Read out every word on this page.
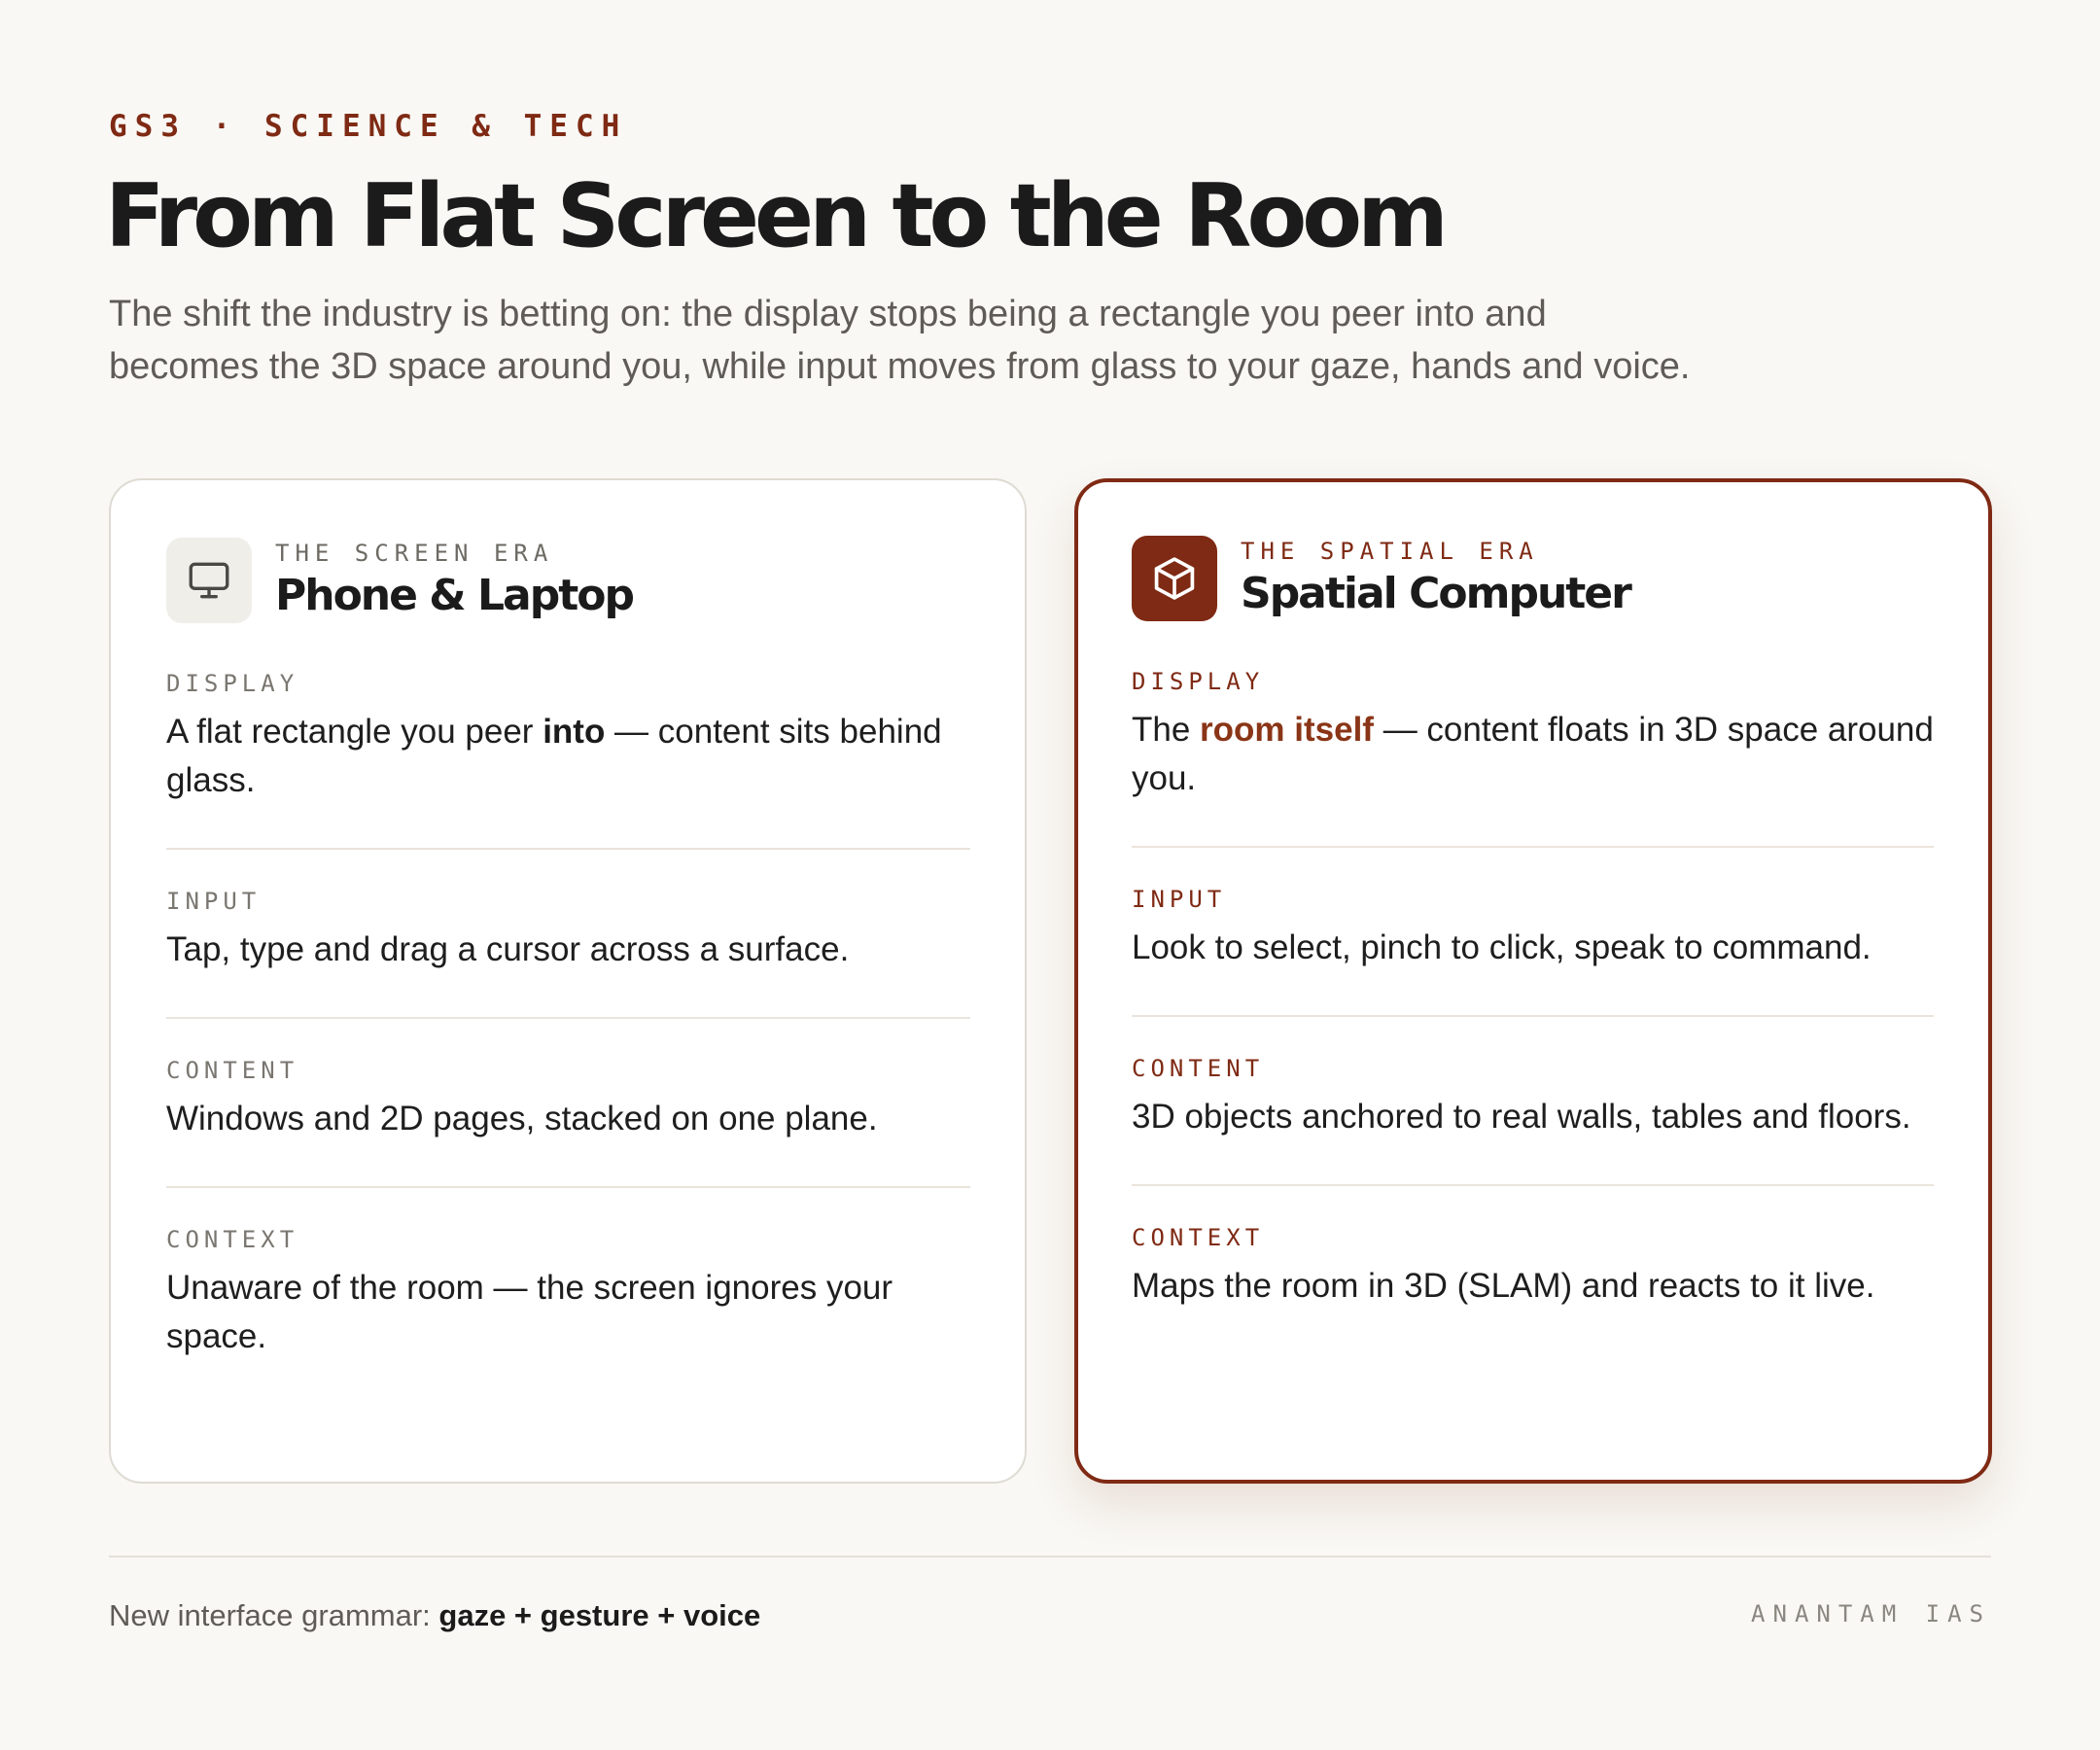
GS3 · SCIENCE & TECH
From Flat Screen to the Room
The shift the industry is betting on: the display stops being a rectangle you peer into and
becomes the 3D space around you, while input moves from glass to your gaze, hands and voice.
THE SCREEN ERA
Phone & Laptop
DISPLAY
A flat rectangle you peer into — content sits behind glass.
INPUT
Tap, type and drag a cursor across a surface.
CONTENT
Windows and 2D pages, stacked on one plane.
CONTEXT
Unaware of the room — the screen ignores your space.
THE SPATIAL ERA
Spatial Computer
DISPLAY
The room itself — content floats in 3D space around you.
INPUT
Look to select, pinch to click, speak to command.
CONTENT
3D objects anchored to real walls, tables and floors.
CONTEXT
Maps the room in 3D (SLAM) and reacts to it live.
New interface grammar: gaze + gesture + voice	ANANTAM IAS
